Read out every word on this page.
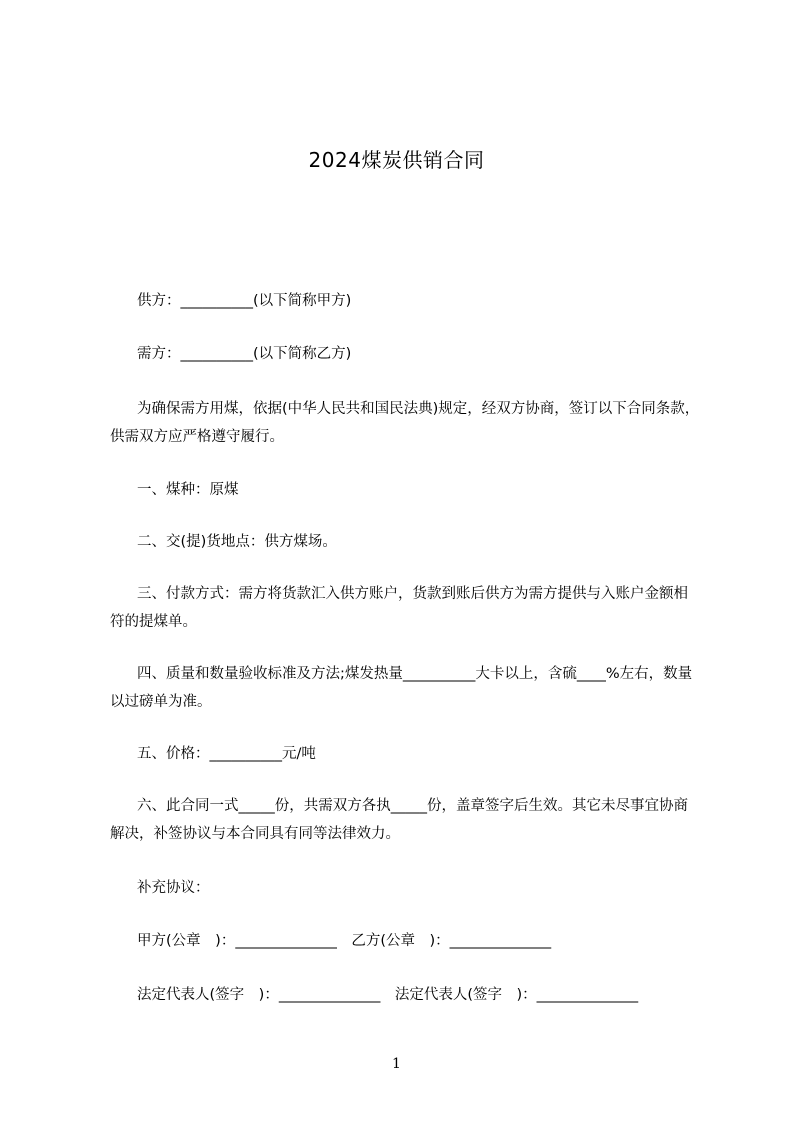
2024煤炭供销合同
供方：__________(以下简称甲方)
需方：__________(以下简称乙方)
为确保需方用煤，依据(中华人民共和国民法典)规定，经双方协商，签订以下合同条款，供需双方应严格遵守履行。
一、煤种：原煤
二、交(提)货地点：供方煤场。
三、付款方式：需方将货款汇入供方账户，货款到账后供方为需方提供与入账户金额相符的提煤单。
四、质量和数量验收标准及方法;煤发热量__________大卡以上，含硫____%左右，数量以过磅单为准。
五、价格：__________元/吨
六、此合同一式_____份，共需双方各执_____份，盖章签字后生效。其它未尽事宜协商解决，补签协议与本合同具有同等法律效力。
补充协议：
甲方(公章　)：______________　乙方(公章　)：______________
法定代表人(签字　)：______________　法定代表人(签字　)：______________
1
